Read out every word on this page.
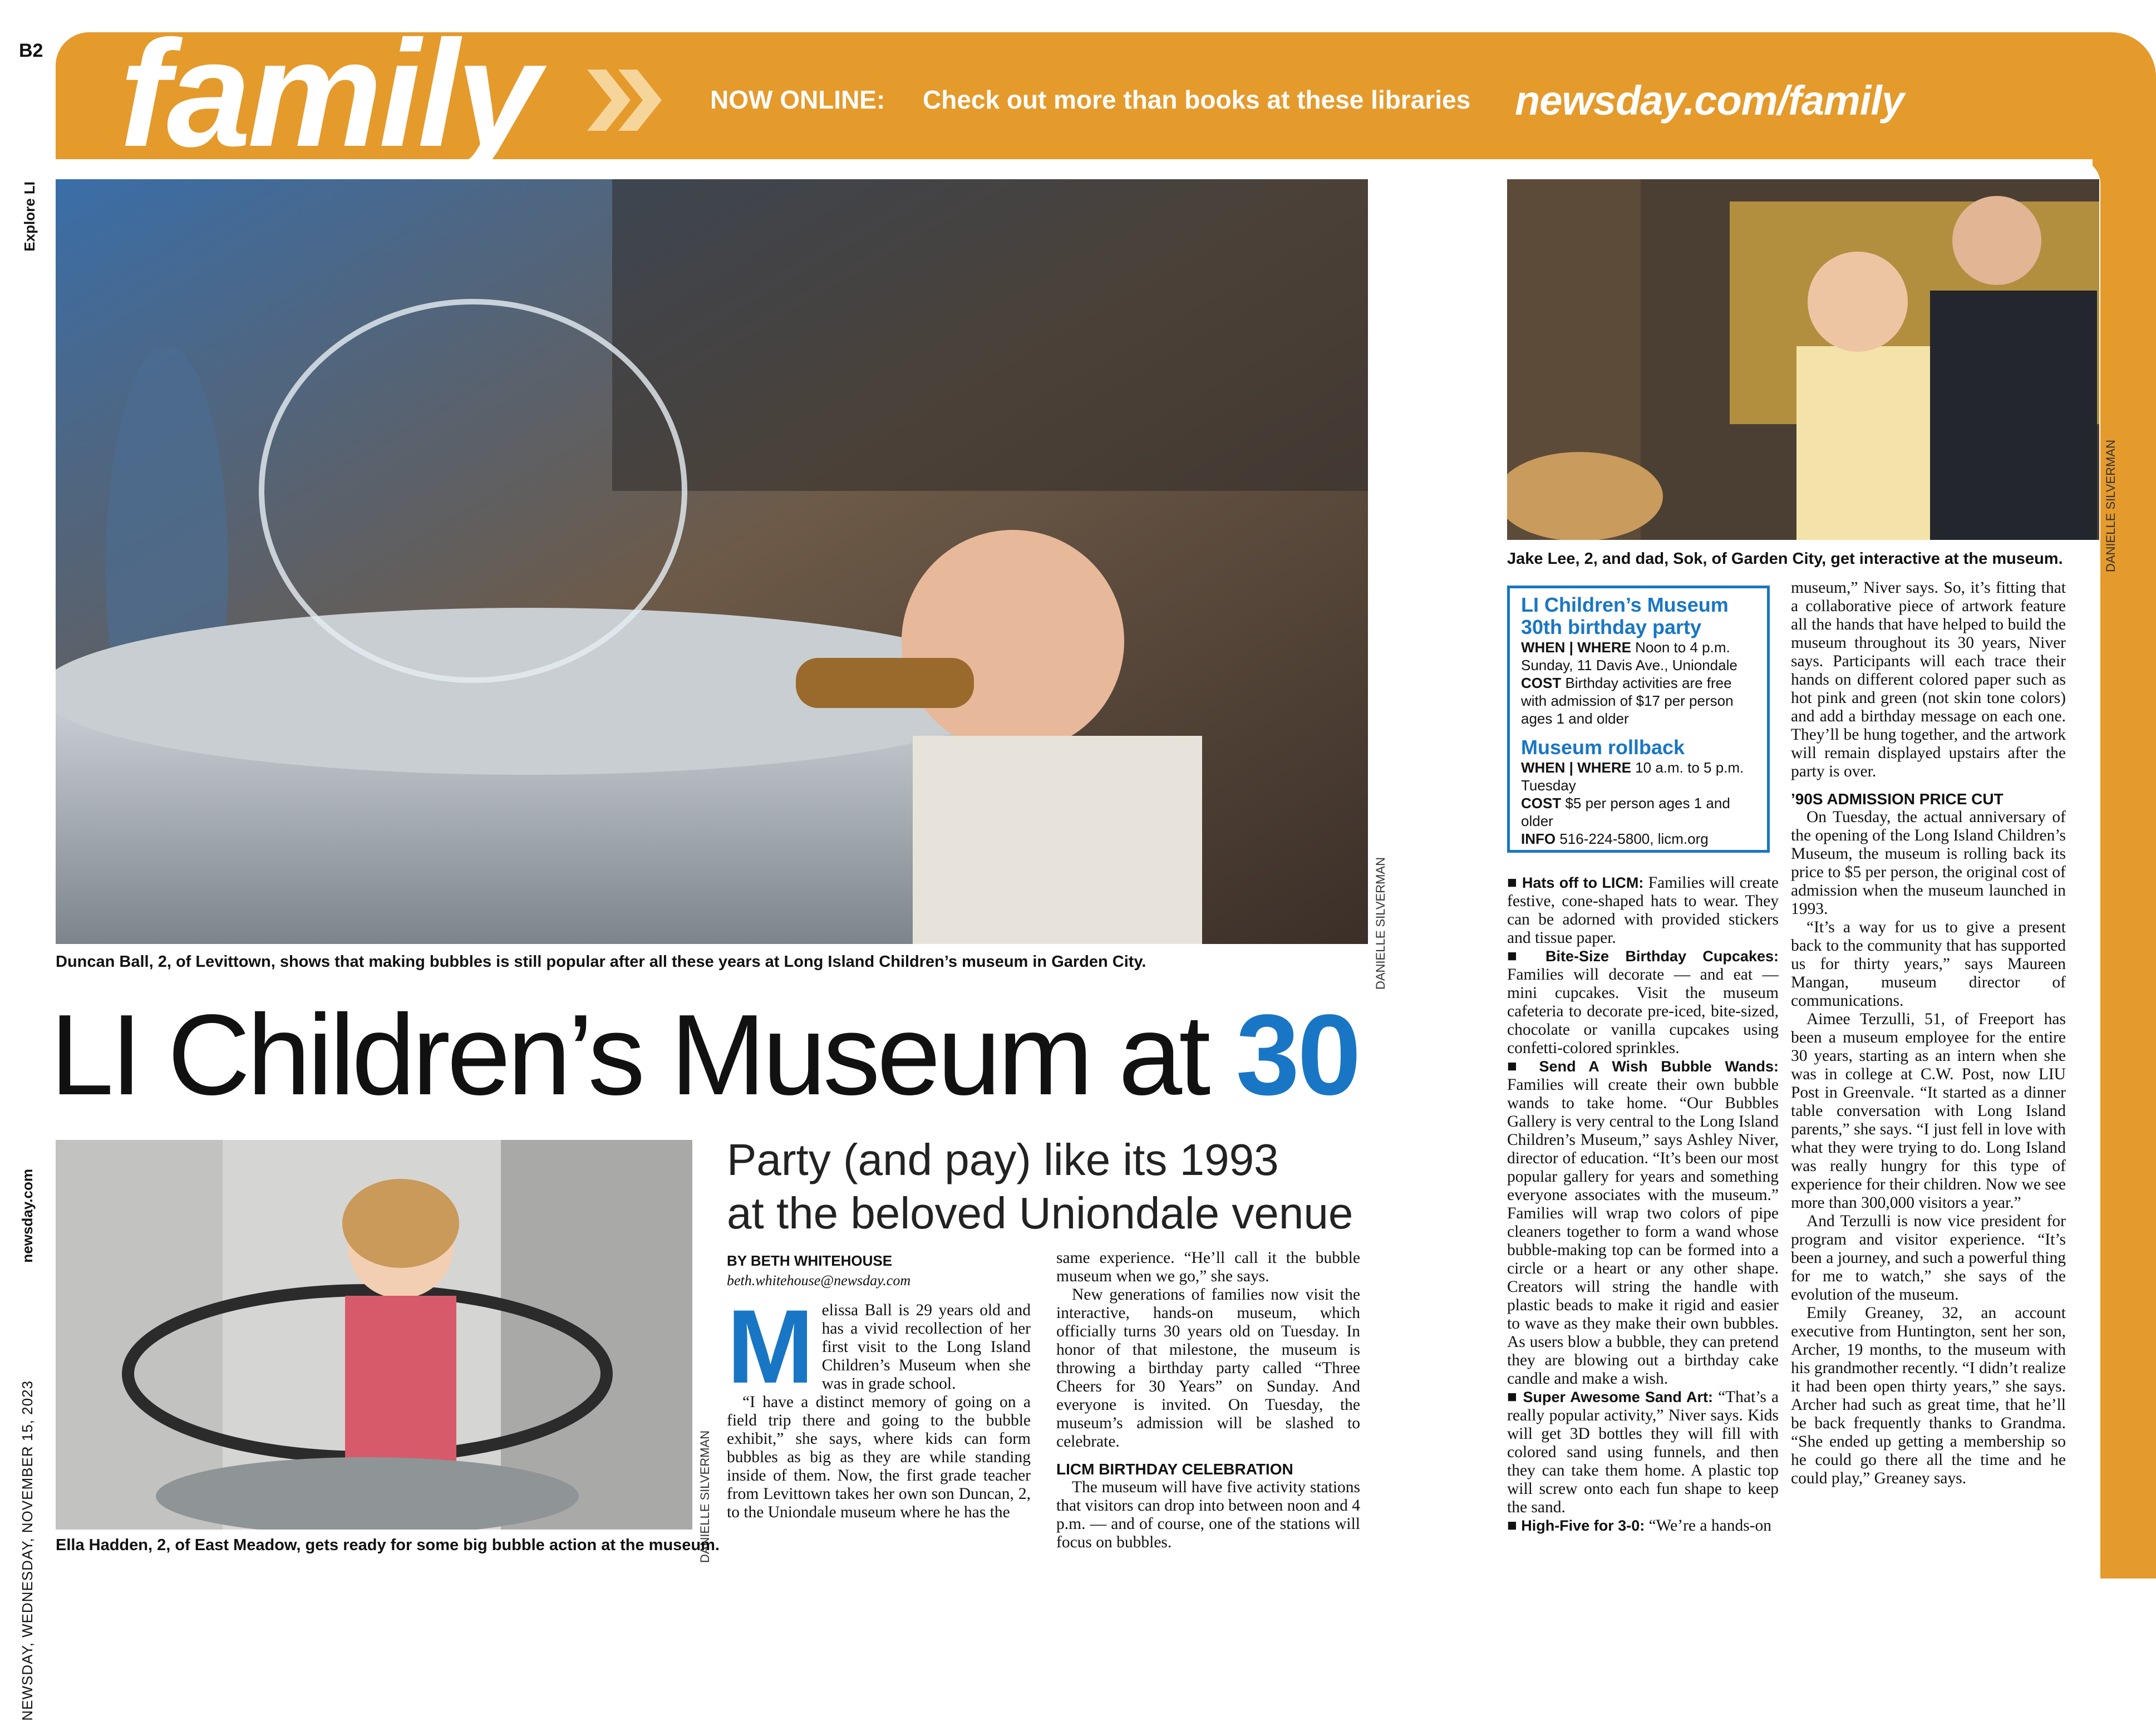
B2 family	NOW ONLINE: Check out more than books at these libraries newsday.com/family
Explore LI
newsday.com
NEWSDAY, WEDNESDAY, NOVEMBER 15, 2023
DANIELLE SILVERMAN
Duncan Ball, 2, of Levittown, shows that making bubbles is still popular after all these years at Long Island Children’s museum in Garden City.
DANIELLE SILVERMAN
Jake Lee, 2, and dad, Sok, of Garden City, get interactive at the museum.
DANIELLE SILVERMAN
Ella Hadden, 2, of East Meadow, gets ready for some big bubble action at the museum.
LI Children’s Museum at 30
Party (and pay) like its 1993
at the beloved Uniondale venue
BY BETH WHITEHOUSE
beth.whitehouse@newsday.com
M elissa Ball is 29 years old and has a vivid recollection of her first visit to the Long Island Children’s Museum when she was in grade school.

“I have a distinct memory of going on a field trip there and going to the bubble exhibit,” she says, where kids can form bubbles as big as they are while standing inside of them. Now, the first grade teacher from Levittown takes her own son Duncan, 2, to the Uniondale museum where he has the

same experience. “He’ll call it the bubble museum when we go,” she says.

New generations of families now visit the interactive, hands-on museum, which officially turns 30 years old on Tuesday. In honor of that milestone, the museum is throwing a birthday party called “Three Cheers for 30 Years” on Sunday. And everyone is invited. On Tuesday, the museum’s admission will be slashed to celebrate.

LICM BIRTHDAY CELEBRATION

The museum will have five activity stations that visitors can drop into between noon and 4 p.m. — and of course, one of the stations will focus on bubbles.

LI Children’s Museum
30th birthday party
WHEN | WHERE Noon to 4 p.m. Sunday, 11 Davis Ave., Uniondale
COST Birthday activities are free with admission of $17 per person ages 1 and older
Museum rollback
WHEN | WHERE 10 a.m. to 5 p.m. Tuesday
COST $5 per person ages 1 and older
INFO 516-224-5800, licm.org

■ Hats off to LICM: Families will create festive, cone-shaped hats to wear. They can be adorned with provided stickers and tissue paper.

■ Bite-Size Birthday Cupcakes: Families will decorate — and eat — mini cupcakes. Visit the museum cafeteria to decorate pre-iced, bite-sized, chocolate or vanilla cupcakes using confetti-colored sprinkles.

■ Send A Wish Bubble Wands: Families will create their own bubble wands to take home. “Our Bubbles Gallery is very central to the Long Island Children’s Museum,” says Ashley Niver, director of education. “It’s been our most popular gallery for years and something everyone associates with the museum.” Families will wrap two colors of pipe cleaners together to form a wand whose bubble-making top can be formed into a circle or a heart or any other shape. Creators will string the handle with plastic beads to make it rigid and easier to wave as they make their own bubbles. As users blow a bubble, they can pretend they are blowing out a birthday cake candle and make a wish.

■ Super Awesome Sand Art: “That’s a really popular activity,” Niver says. Kids will get 3D bottles they will fill with colored sand using funnels, and then they can take them home. A plastic top will screw onto each fun shape to keep the sand.

■ High-Five for 3-0: “We’re a hands-on

museum,” Niver says. So, it’s fitting that a collaborative piece of artwork feature all the hands that have helped to build the museum throughout its 30 years, Niver says. Participants will each trace their hands on different colored paper such as hot pink and green (not skin tone colors) and add a birthday message on each one. They’ll be hung together, and the artwork will remain displayed upstairs after the party is over.

’90S ADMISSION PRICE CUT

On Tuesday, the actual anniversary of the opening of the Long Island Children’s Museum, the museum is rolling back its price to $5 per person, the original cost of admission when the museum launched in 1993.

“It’s a way for us to give a present back to the community that has supported us for thirty years,” says Maureen Mangan, museum director of communications.

Aimee Terzulli, 51, of Freeport has been a museum employee for the entire 30 years, starting as an intern when she was in college at C.W. Post, now LIU Post in Greenvale. “It started as a dinner table conversation with Long Island parents,” she says. “I just fell in love with what they were trying to do. Long Island was really hungry for this type of experience for their children. Now we see more than 300,000 visitors a year.”

And Terzulli is now vice president for program and visitor experience. “It’s been a journey, and such a powerful thing for me to watch,” she says of the evolution of the museum.

Emily Greaney, 32, an account executive from Huntington, sent her son, Archer, 19 months, to the museum with his grandmother recently. “I didn’t realize it had been open thirty years,” she says. Archer had such as great time, that he’ll be back frequently thanks to Grandma. “She ended up getting a membership so he could go there all the time and he could play,” Greaney says.
